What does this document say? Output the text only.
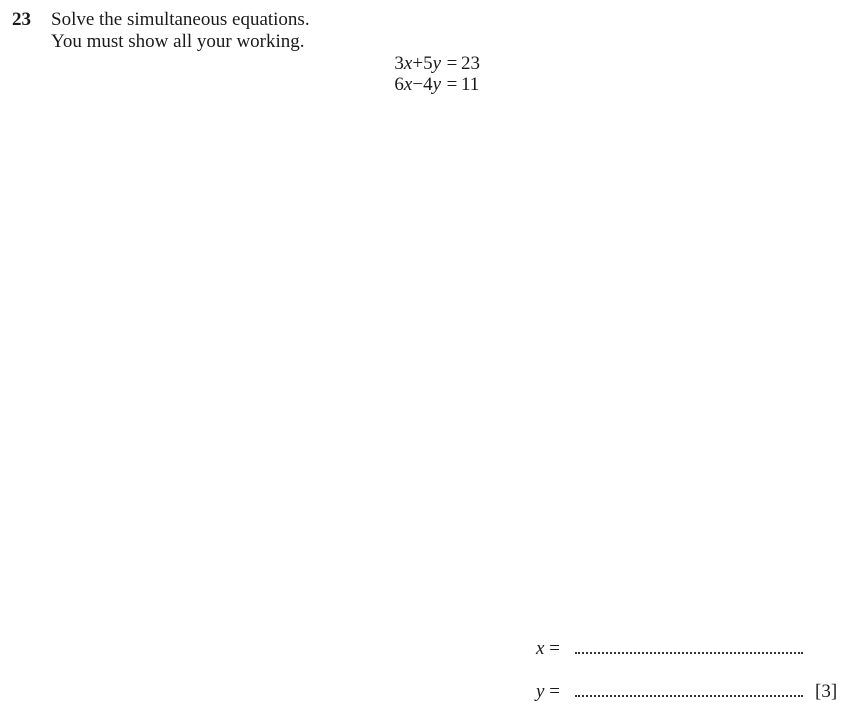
23 Solve the simultaneous equations.
You must show all your working.
3x+5y = 23
6x−4y = 11
x =
y =	[3]
